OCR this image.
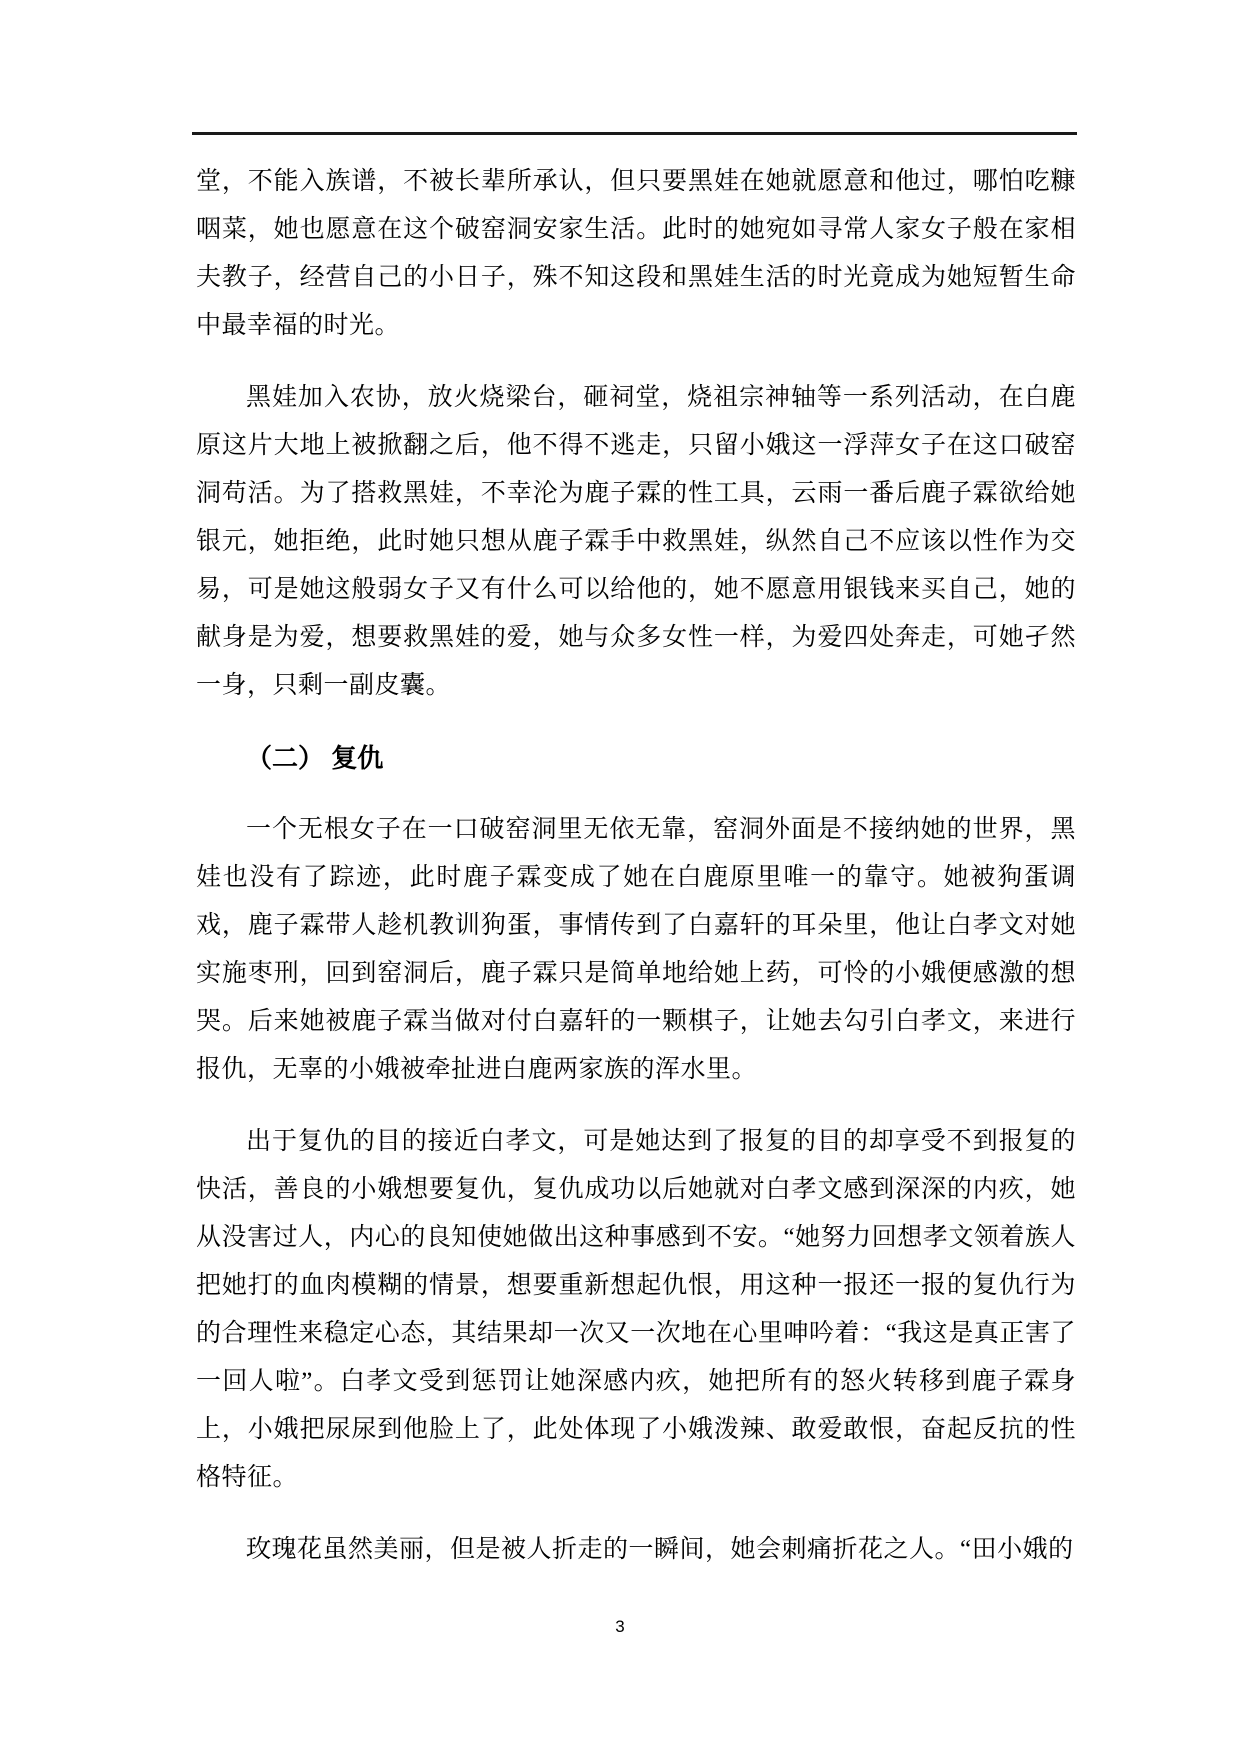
堂，不能入族谱，不被长辈所承认，但只要黑娃在她就愿意和他过，哪怕吃糠咽菜，她也愿意在这个破窑洞安家生活。此时的她宛如寻常人家女子般在家相夫教子，经营自己的小日子，殊不知这段和黑娃生活的时光竟成为她短暂生命中最幸福的时光。

黑娃加入农协，放火烧梁台，砸祠堂，烧祖宗神轴等一系列活动，在白鹿原这片大地上被掀翻之后，他不得不逃走，只留小娥这一浮萍女子在这口破窑洞苟活。为了搭救黑娃，不幸沦为鹿子霖的性工具，云雨一番后鹿子霖欲给她银元，她拒绝，此时她只想从鹿子霖手中救黑娃，纵然自己不应该以性作为交易，可是她这般弱女子又有什么可以给他的，她不愿意用银钱来买自己，她的献身是为爱，想要救黑娃的爱，她与众多女性一样，为爱四处奔走，可她孑然一身，只剩一副皮囊。

（二） 复仇

一个无根女子在一口破窑洞里无依无靠，窑洞外面是不接纳她的世界，黑娃也没有了踪迹，此时鹿子霖变成了她在白鹿原里唯一的靠守。她被狗蛋调戏，鹿子霖带人趁机教训狗蛋，事情传到了白嘉轩的耳朵里，他让白孝文对她实施枣刑，回到窑洞后，鹿子霖只是简单地给她上药，可怜的小娥便感激的想哭。后来她被鹿子霖当做对付白嘉轩的一颗棋子，让她去勾引白孝文，来进行报仇，无辜的小娥被牵扯进白鹿两家族的浑水里。

出于复仇的目的接近白孝文，可是她达到了报复的目的却享受不到报复的快活，善良的小娥想要复仇，复仇成功以后她就对白孝文感到深深的内疚，她从没害过人，内心的良知使她做出这种事感到不安。“她努力回想孝文领着族人把她打的血肉模糊的情景，想要重新想起仇恨，用这种一报还一报的复仇行为的合理性来稳定心态，其结果却一次又一次地在心里呻吟着：“我这是真正害了一回人啦”。白孝文受到惩罚让她深感内疚，她把所有的怒火转移到鹿子霖身上，小娥把尿尿到他脸上了，此处体现了小娥泼辣、敢爱敢恨，奋起反抗的性格特征。

玫瑰花虽然美丽，但是被人折走的一瞬间，她会刺痛折花之人。“田小娥的

3
